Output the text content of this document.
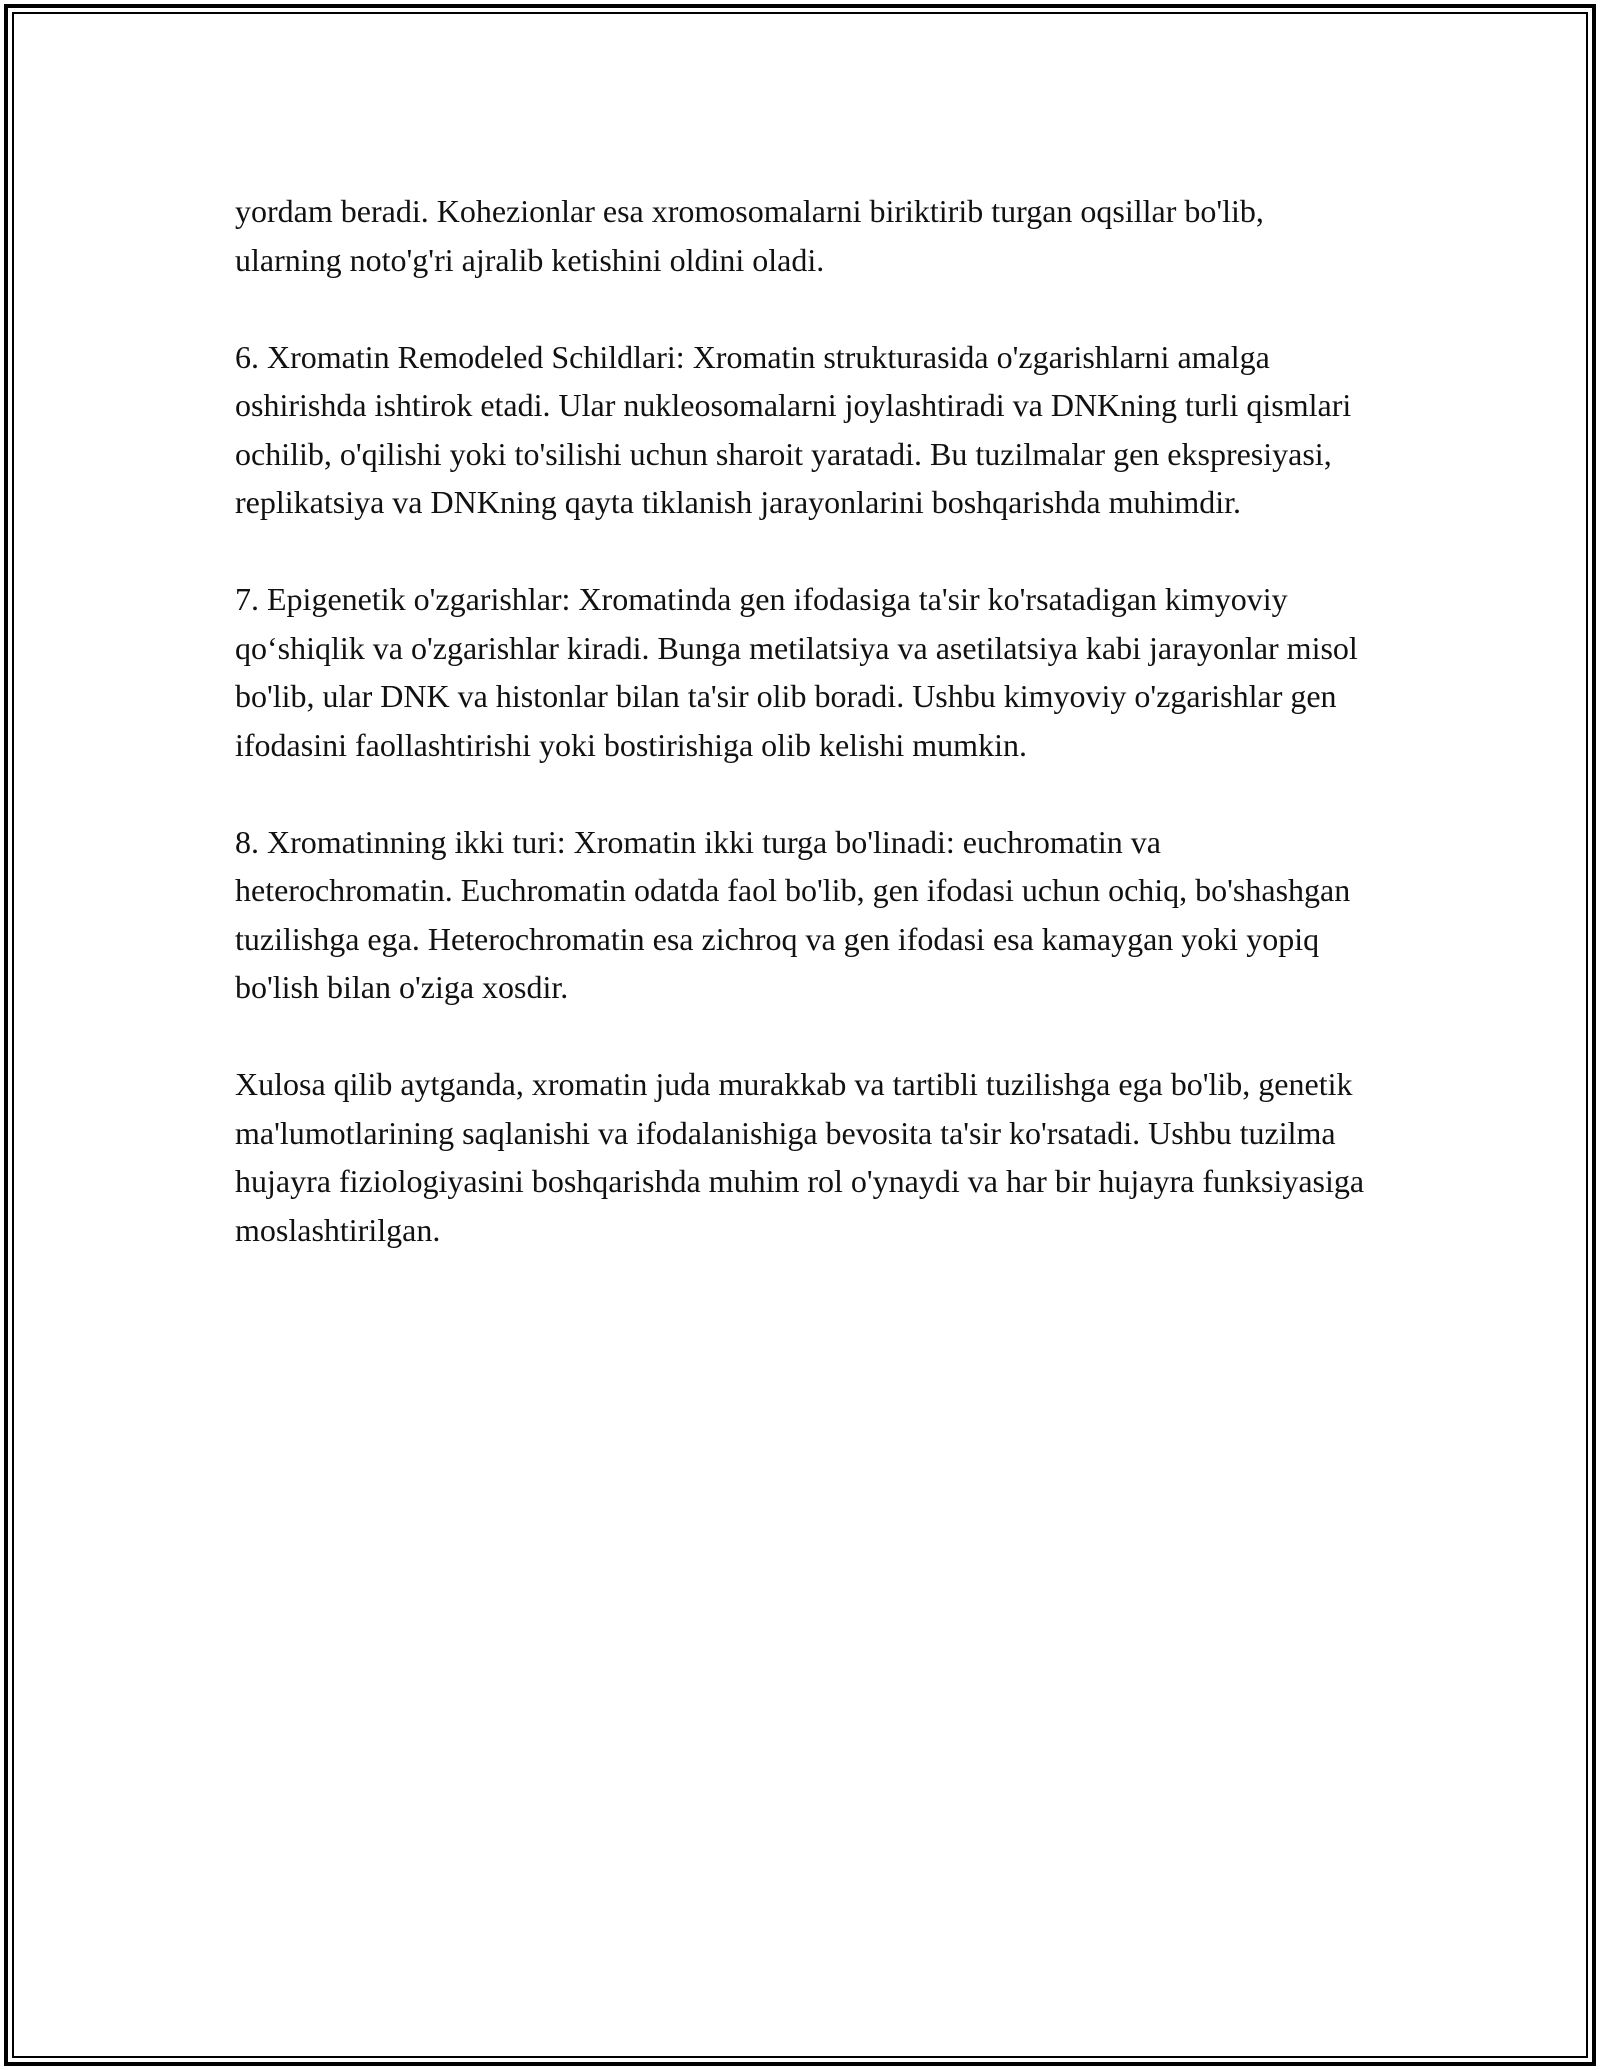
yordam beradi. Kohezionlar esa xromosomalarni biriktirib turgan oqsillar bo'lib, ularning noto'g'ri ajralib ketishini oldini oladi.

6. Xromatin Remodeled Schildlari: Xromatin strukturasida o'zgarishlarni amalga oshirishda ishtirok etadi. Ular nukleosomalarni joylashtiradi va DNKning turli qismlari ochilib, o'qilishi yoki to'silishi uchun sharoit yaratadi. Bu tuzilmalar gen ekspresiyasi, replikatsiya va DNKning qayta tiklanish jarayonlarini boshqarishda muhimdir.

7. Epigenetik o'zgarishlar: Xromatinda gen ifodasiga ta'sir ko'rsatadigan kimyoviy qo‘shiqlik va o'zgarishlar kiradi. Bunga metilatsiya va asetilatsiya kabi jarayonlar misol bo'lib, ular DNK va histonlar bilan ta'sir olib boradi. Ushbu kimyoviy o'zgarishlar gen ifodasini faollashtirishi yoki bostirishiga olib kelishi mumkin.

8. Xromatinning ikki turi: Xromatin ikki turga bo'linadi: euchromatin va heterochromatin. Euchromatin odatda faol bo'lib, gen ifodasi uchun ochiq, bo'shashgan tuzilishga ega. Heterochromatin esa zichroq va gen ifodasi esa kamaygan yoki yopiq bo'lish bilan o'ziga xosdir.

Xulosa qilib aytganda, xromatin juda murakkab va tartibli tuzilishga ega bo'lib, genetik ma'lumotlarining saqlanishi va ifodalanishiga bevosita ta'sir ko'rsatadi. Ushbu tuzilma hujayra fiziologiyasini boshqarishda muhim rol o'ynaydi va har bir hujayra funksiyasiga moslashtirilgan.
